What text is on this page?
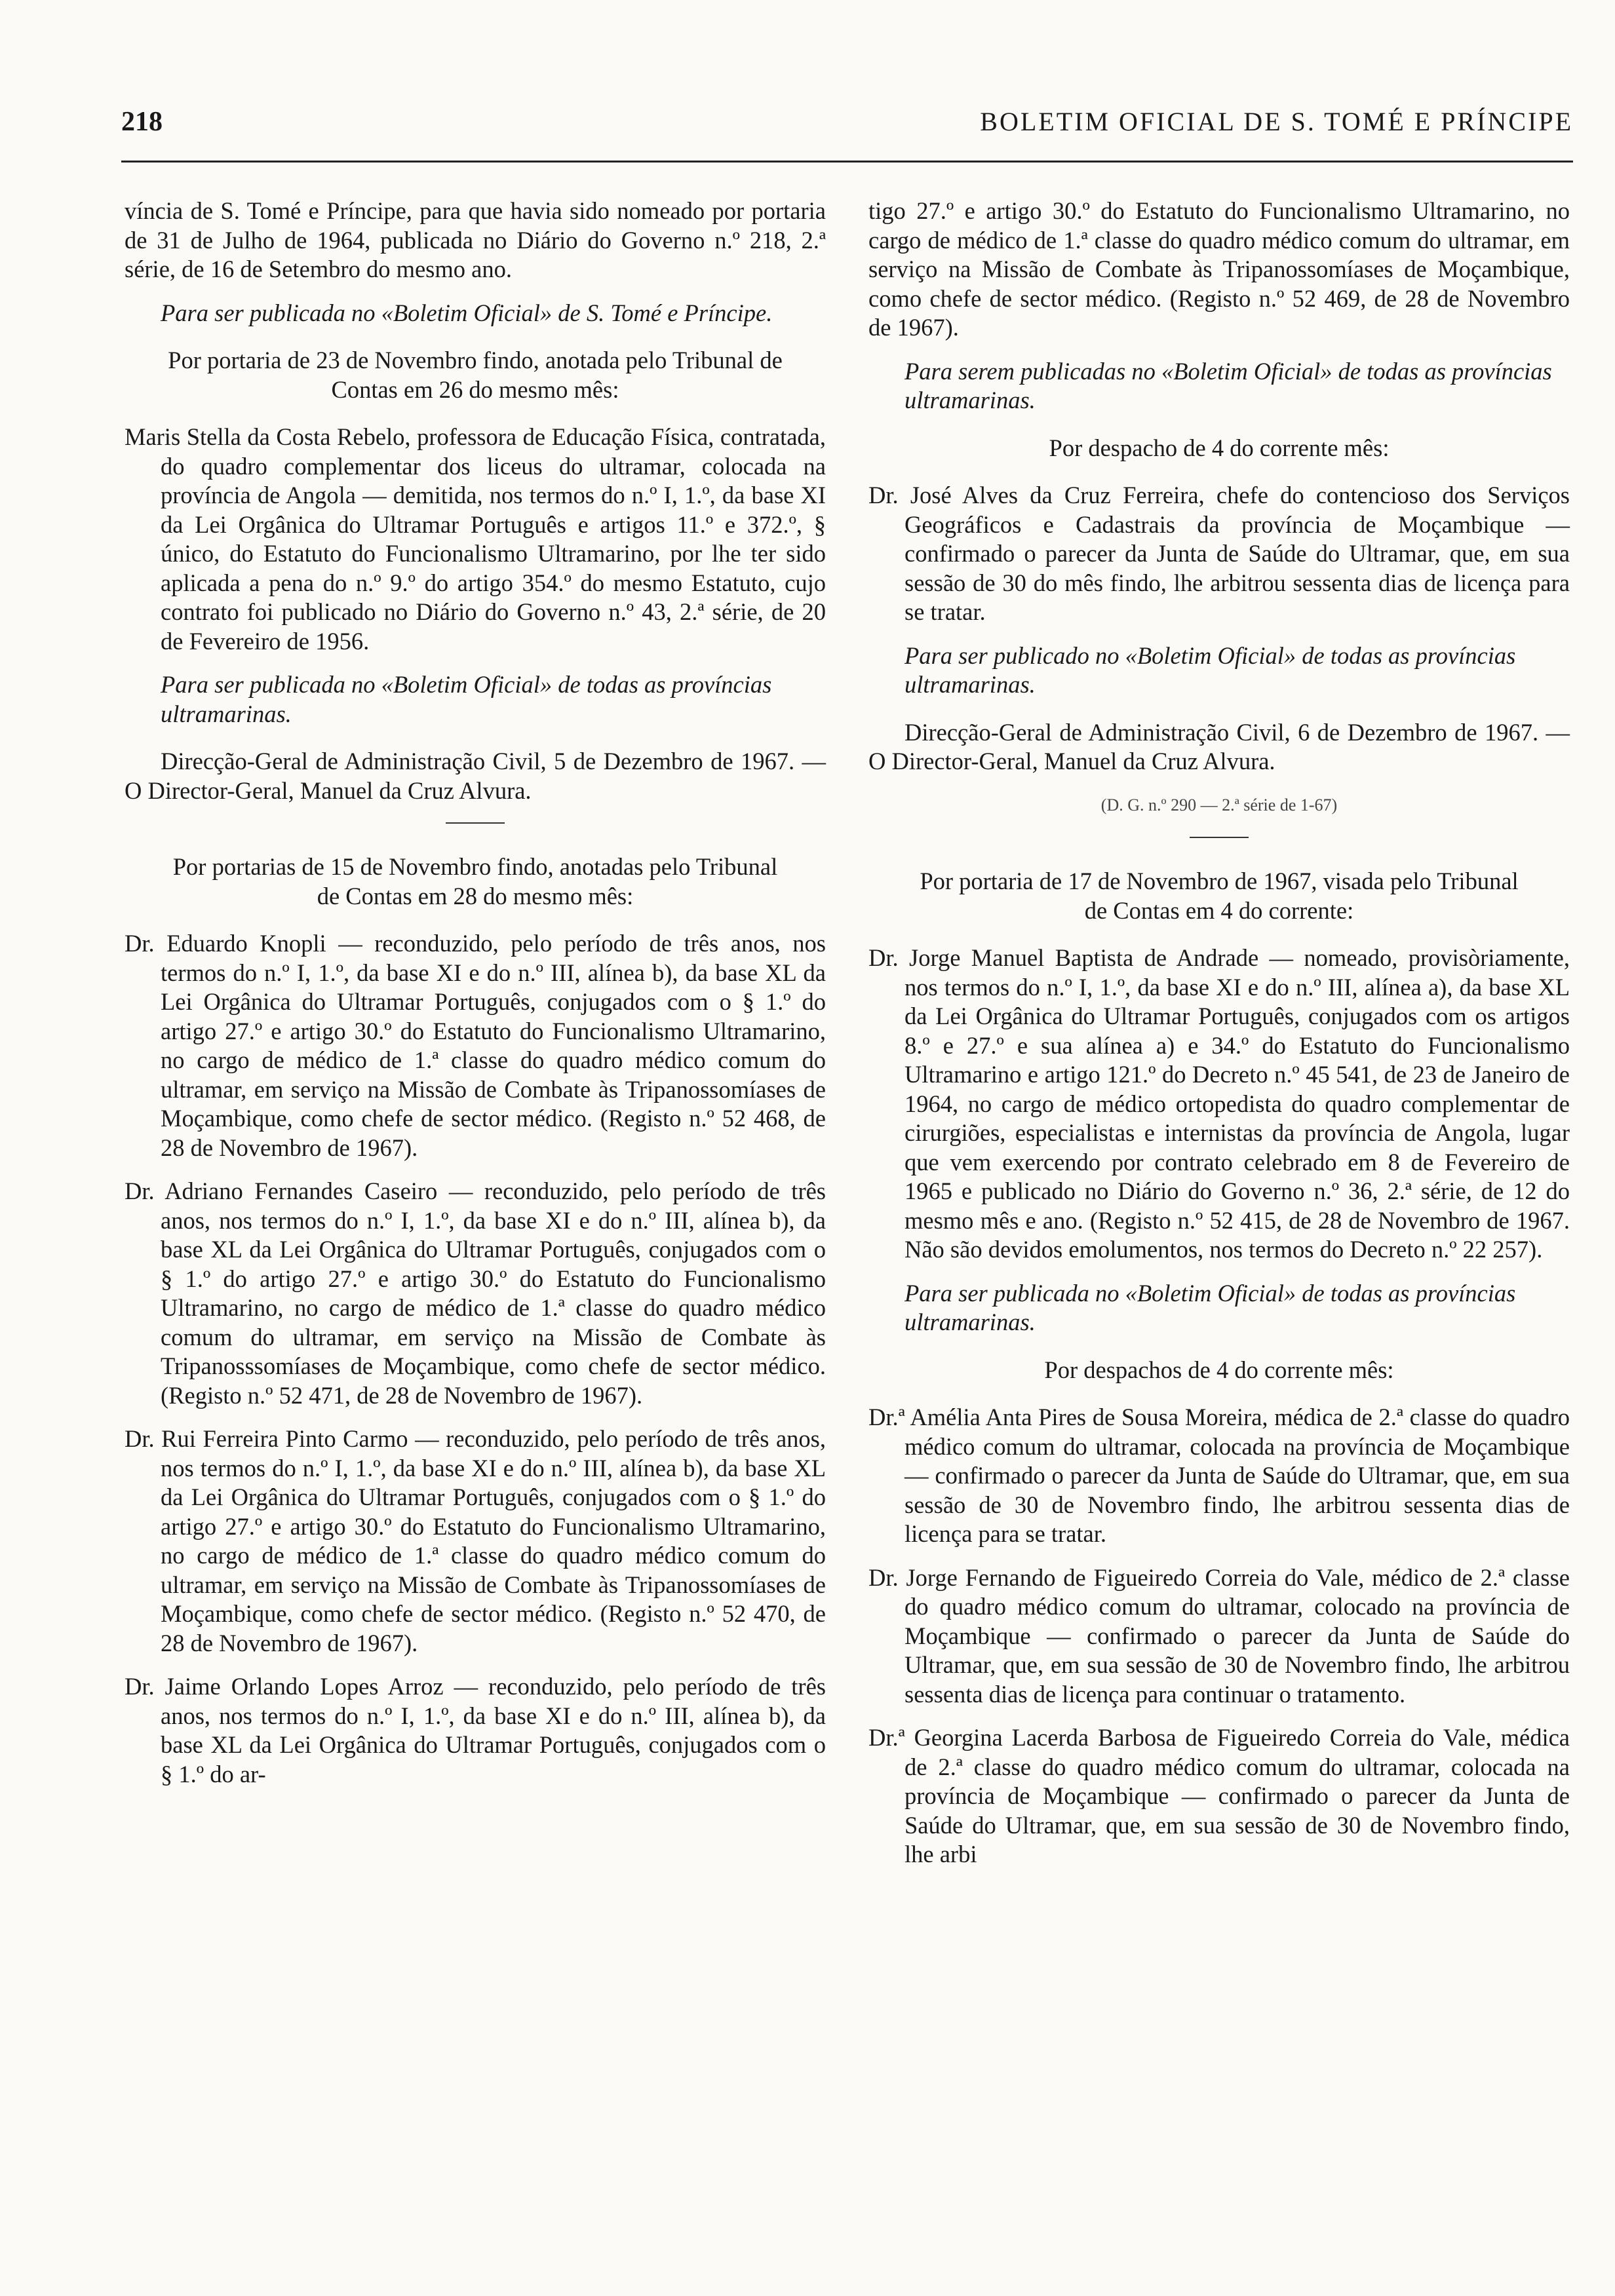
218	BOLETIM OFICIAL DE S. TOMÉ E PRÍNCIPE

víncia de S. Tomé e Príncipe, para que havia sido nomeado por portaria de 31 de Julho de 1964, publicada no Diário do Governo n.º 218, 2.ª série, de 16 de Setembro do mesmo ano.

Para ser publicada no «Boletim Oficial» de S. Tomé e Príncipe.

Por portaria de 23 de Novembro findo, anotada pelo Tribunal de Contas em 26 do mesmo mês:

Maris Stella da Costa Rebelo, professora de Educação Física, contratada, do quadro complementar dos liceus do ultramar, colocada na província de Angola — demitida, nos termos do n.º I, 1.º, da base XI da Lei Orgânica do Ultramar Português e artigos 11.º e 372.º, § único, do Estatuto do Funcionalismo Ultramarino, por lhe ter sido aplicada a pena do n.º 9.º do artigo 354.º do mesmo Estatuto, cujo contrato foi publicado no Diário do Governo n.º 43, 2.ª série, de 20 de Fevereiro de 1956.

Para ser publicada no «Boletim Oficial» de todas as províncias ultramarinas.

Direcção-Geral de Administração Civil, 5 de Dezembro de 1967. — O Director-Geral, Manuel da Cruz Alvura.

Por portarias de 15 de Novembro findo, anotadas pelo Tribunal de Contas em 28 do mesmo mês:

Dr. Eduardo Knopli — reconduzido, pelo período de três anos, nos termos do n.º I, 1.º, da base XI e do n.º III, alínea b), da base XL da Lei Orgânica do Ultramar Português, conjugados com o § 1.º do artigo 27.º e artigo 30.º do Estatuto do Funcionalismo Ultramarino, no cargo de médico de 1.ª classe do quadro médico comum do ultramar, em serviço na Missão de Combate às Tripanossomíases de Moçambique, como chefe de sector médico. (Registo n.º 52 468, de 28 de Novembro de 1967).

Dr. Adriano Fernandes Caseiro — reconduzido, pelo período de três anos, nos termos do n.º I, 1.º, da base XI e do n.º III, alínea b), da base XL da Lei Orgânica do Ultramar Português, conjugados com o § 1.º do artigo 27.º e artigo 30.º do Estatuto do Funcionalismo Ultramarino, no cargo de médico de 1.ª classe do quadro médico comum do ultramar, em serviço na Missão de Combate às Tripanosssomíases de Moçambique, como chefe de sector médico. (Registo n.º 52 471, de 28 de Novembro de 1967).

Dr. Rui Ferreira Pinto Carmo — reconduzido, pelo período de três anos, nos termos do n.º I, 1.º, da base XI e do n.º III, alínea b), da base XL da Lei Orgânica do Ultramar Português, conjugados com o § 1.º do artigo 27.º e artigo 30.º do Estatuto do Funcionalismo Ultramarino, no cargo de médico de 1.ª classe do quadro médico comum do ultramar, em serviço na Missão de Combate às Tripanossomíases de Moçambique, como chefe de sector médico. (Registo n.º 52 470, de 28 de Novembro de 1967).

Dr. Jaime Orlando Lopes Arroz — reconduzido, pelo período de três anos, nos termos do n.º I, 1.º, da base XI e do n.º III, alínea b), da base XL da Lei Orgânica do Ultramar Português, conjugados com o § 1.º do ar-

tigo 27.º e artigo 30.º do Estatuto do Funcionalismo Ultramarino, no cargo de médico de 1.ª classe do quadro médico comum do ultramar, em serviço na Missão de Combate às Tripanossomíases de Moçambique, como chefe de sector médico. (Registo n.º 52 469, de 28 de Novembro de 1967).

Para serem publicadas no «Boletim Oficial» de todas as províncias ultramarinas.

Por despacho de 4 do corrente mês:

Dr. José Alves da Cruz Ferreira, chefe do contencioso dos Serviços Geográficos e Cadastrais da província de Moçambique — confirmado o parecer da Junta de Saúde do Ultramar, que, em sua sessão de 30 do mês findo, lhe arbitrou sessenta dias de licença para se tratar.

Para ser publicado no «Boletim Oficial» de todas as províncias ultramarinas.

Direcção-Geral de Administração Civil, 6 de Dezembro de 1967. — O Director-Geral, Manuel da Cruz Alvura.

(D. G. n.º 290 — 2.ª série de 1-67)

Por portaria de 17 de Novembro de 1967, visada pelo Tribunal de Contas em 4 do corrente:

Dr. Jorge Manuel Baptista de Andrade — nomeado, provisòriamente, nos termos do n.º I, 1.º, da base XI e do n.º III, alínea a), da base XL da Lei Orgânica do Ultramar Português, conjugados com os artigos 8.º e 27.º e sua alínea a) e 34.º do Estatuto do Funcionalismo Ultramarino e artigo 121.º do Decreto n.º 45 541, de 23 de Janeiro de 1964, no cargo de médico ortopedista do quadro complementar de cirurgiões, especialistas e internistas da província de Angola, lugar que vem exercendo por contrato celebrado em 8 de Fevereiro de 1965 e publicado no Diário do Governo n.º 36, 2.ª série, de 12 do mesmo mês e ano. (Registo n.º 52 415, de 28 de Novembro de 1967. Não são devidos emolumentos, nos termos do Decreto n.º 22 257).

Para ser publicada no «Boletim Oficial» de todas as províncias ultramarinas.

Por despachos de 4 do corrente mês:

Dr.ª Amélia Anta Pires de Sousa Moreira, médica de 2.ª classe do quadro médico comum do ultramar, colocada na província de Moçambique — confirmado o parecer da Junta de Saúde do Ultramar, que, em sua sessão de 30 de Novembro findo, lhe arbitrou sessenta dias de licença para se tratar.

Dr. Jorge Fernando de Figueiredo Correia do Vale, médico de 2.ª classe do quadro médico comum do ultramar, colocado na província de Moçambique — confirmado o parecer da Junta de Saúde do Ultramar, que, em sua sessão de 30 de Novembro findo, lhe arbitrou sessenta dias de licença para continuar o tratamento.

Dr.ª Georgina Lacerda Barbosa de Figueiredo Correia do Vale, médica de 2.ª classe do quadro médico comum do ultramar, colocada na província de Moçambique — confirmado o parecer da Junta de Saúde do Ultramar, que, em sua sessão de 30 de Novembro findo, lhe arbi
